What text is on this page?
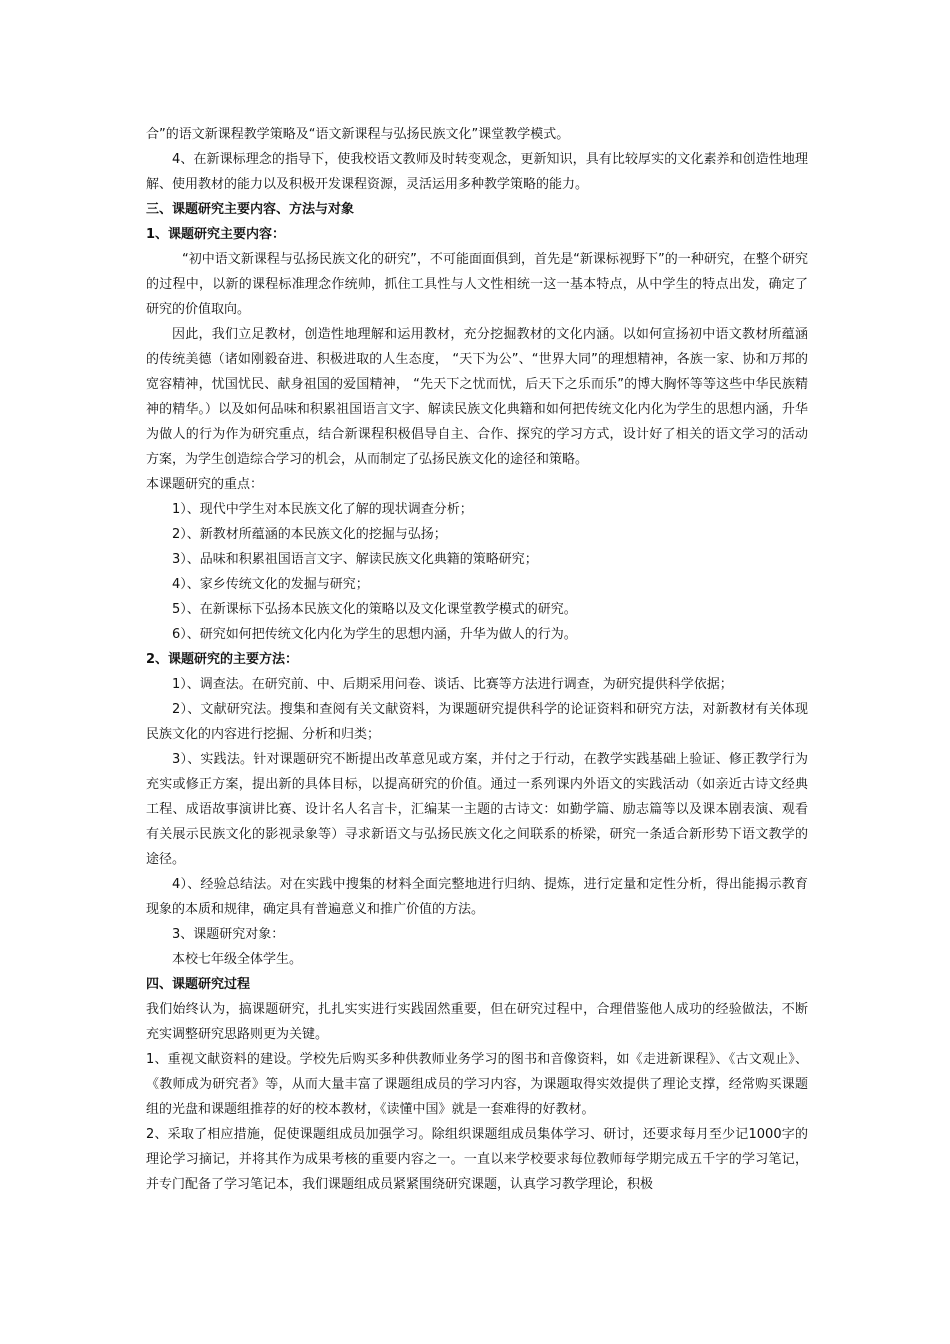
合”的语文新课程教学策略及“语文新课程与弘扬民族文化”课堂教学模式。

4、在新课标理念的指导下，使我校语文教师及时转变观念，更新知识，具有比较厚实的文化素养和创造性地理解、使用教材的能力以及积极开发课程资源，灵活运用多种教学策略的能力。

三、课题研究主要内容、方法与对象

1、课题研究主要内容：

“初中语文新课程与弘扬民族文化的研究”，不可能面面俱到，首先是“新课标视野下”的一种研究，在整个研究的过程中，以新的课程标准理念作统帅，抓住工具性与人文性相统一这一基本特点，从中学生的特点出发，确定了研究的价值取向。

因此，我们立足教材，创造性地理解和运用教材，充分挖掘教材的文化内涵。以如何宣扬初中语文教材所蕴涵的传统美德（诸如刚毅奋进、积极进取的人生态度， “天下为公”、“世界大同”的理想精神，各族一家、协和万邦的宽容精神，忧国忧民、献身祖国的爱国精神， “先天下之忧而忧，后天下之乐而乐”的博大胸怀等等这些中华民族精神的精华。）以及如何品味和积累祖国语言文字、解读民族文化典籍和如何把传统文化内化为学生的思想内涵，升华为做人的行为作为研究重点，结合新课程积极倡导自主、合作、探究的学习方式，设计好了相关的语文学习的活动方案，为学生创造综合学习的机会，从而制定了弘扬民族文化的途径和策略。

本课题研究的重点：

1）、现代中学生对本民族文化了解的现状调查分析；

2）、新教材所蕴涵的本民族文化的挖掘与弘扬；

3）、品味和积累祖国语言文字、解读民族文化典籍的策略研究；

4）、家乡传统文化的发掘与研究；

5）、在新课标下弘扬本民族文化的策略以及文化课堂教学模式的研究。

6）、研究如何把传统文化内化为学生的思想内涵，升华为做人的行为。

2、课题研究的主要方法：

1）、调查法。在研究前、中、后期采用问卷、谈话、比赛等方法进行调查，为研究提供科学依据；

2）、文献研究法。搜集和查阅有关文献资料，为课题研究提供科学的论证资料和研究方法，对新教材有关体现民族文化的内容进行挖掘、分析和归类；

3）、实践法。针对课题研究不断提出改革意见或方案，并付之于行动，在教学实践基础上验证、修正教学行为充实或修正方案，提出新的具体目标，以提高研究的价值。通过一系列课内外语文的实践活动（如亲近古诗文经典工程、成语故事演讲比赛、设计名人名言卡，汇编某一主题的古诗文：如勤学篇、励志篇等以及课本剧表演、观看有关展示民族文化的影视录象等）寻求新语文与弘扬民族文化之间联系的桥梁，研究一条适合新形势下语文教学的途径。

4）、经验总结法。对在实践中搜集的材料全面完整地进行归纳、提炼，进行定量和定性分析，得出能揭示教育现象的本质和规律，确定具有普遍意义和推广价值的方法。

3、课题研究对象：

本校七年级全体学生。

四、课题研究过程

我们始终认为，搞课题研究，扎扎实实进行实践固然重要，但在研究过程中，合理借鉴他人成功的经验做法，不断充实调整研究思路则更为关键。

1、重视文献资料的建设。学校先后购买多种供教师业务学习的图书和音像资料，如《走进新课程》、《古文观止》、《教师成为研究者》等，从而大量丰富了课题组成员的学习内容，为课题取得实效提供了理论支撑，经常购买课题组的光盘和课题组推荐的好的校本教材，《读懂中国》就是一套难得的好教材。

2、采取了相应措施，促使课题组成员加强学习。除组织课题组成员集体学习、研讨，还要求每月至少记1000字的理论学习摘记，并将其作为成果考核的重要内容之一。一直以来学校要求每位教师每学期完成五千字的学习笔记，并专门配备了学习笔记本，我们课题组成员紧紧围绕研究课题，认真学习教学理论，积极
